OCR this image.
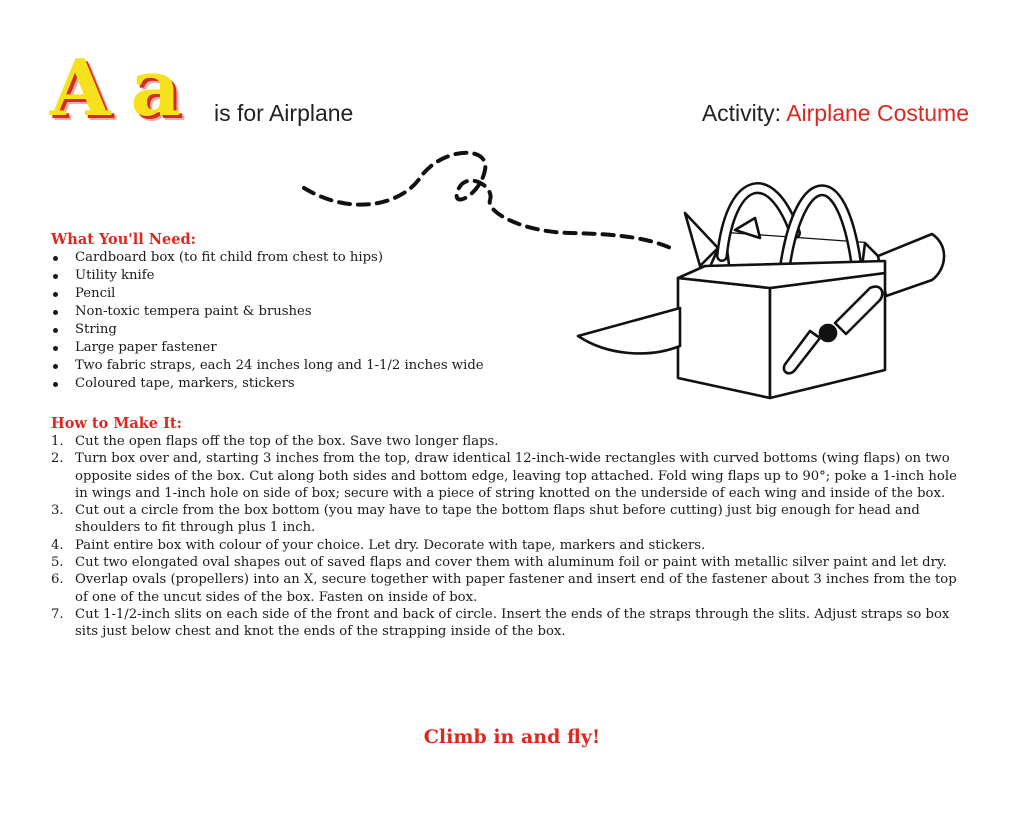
A a is for Airplane	Activity: Airplane Costume
What You'll Need:
Cardboard box (to fit child from chest to hips)
Utility knife
Pencil
Non-toxic tempera paint & brushes
String
Large paper fastener
Two fabric straps, each 24 inches long and 1-1/2 inches wide
Coloured tape, markers, stickers
How to Make It:
1. Cut the open flaps off the top of the box. Save two longer flaps.
2. Turn box over and, starting 3 inches from the top, draw identical 12-inch-wide rectangles with curved bottoms (wing flaps) on two opposite sides of the box. Cut along both sides and bottom edge, leaving top attached. Fold wing flaps up to 90°; poke a 1-inch hole in wings and 1-inch hole on side of box; secure with a piece of string knotted on the underside of each wing and inside of the box.
3. Cut out a circle from the box bottom (you may have to tape the bottom flaps shut before cutting) just big enough for head and shoulders to fit through plus 1 inch.
4. Paint entire box with colour of your choice. Let dry. Decorate with tape, markers and stickers.
5. Cut two elongated oval shapes out of saved flaps and cover them with aluminum foil or paint with metallic silver paint and let dry.
6. Overlap ovals (propellers) into an X, secure together with paper fastener and insert end of the fastener about 3 inches from the top of one of the uncut sides of the box. Fasten on inside of box.
7. Cut 1-1/2-inch slits on each side of the front and back of circle. Insert the ends of the straps through the slits. Adjust straps so box sits just below chest and knot the ends of the strapping inside of the box.
Climb in and fly!
